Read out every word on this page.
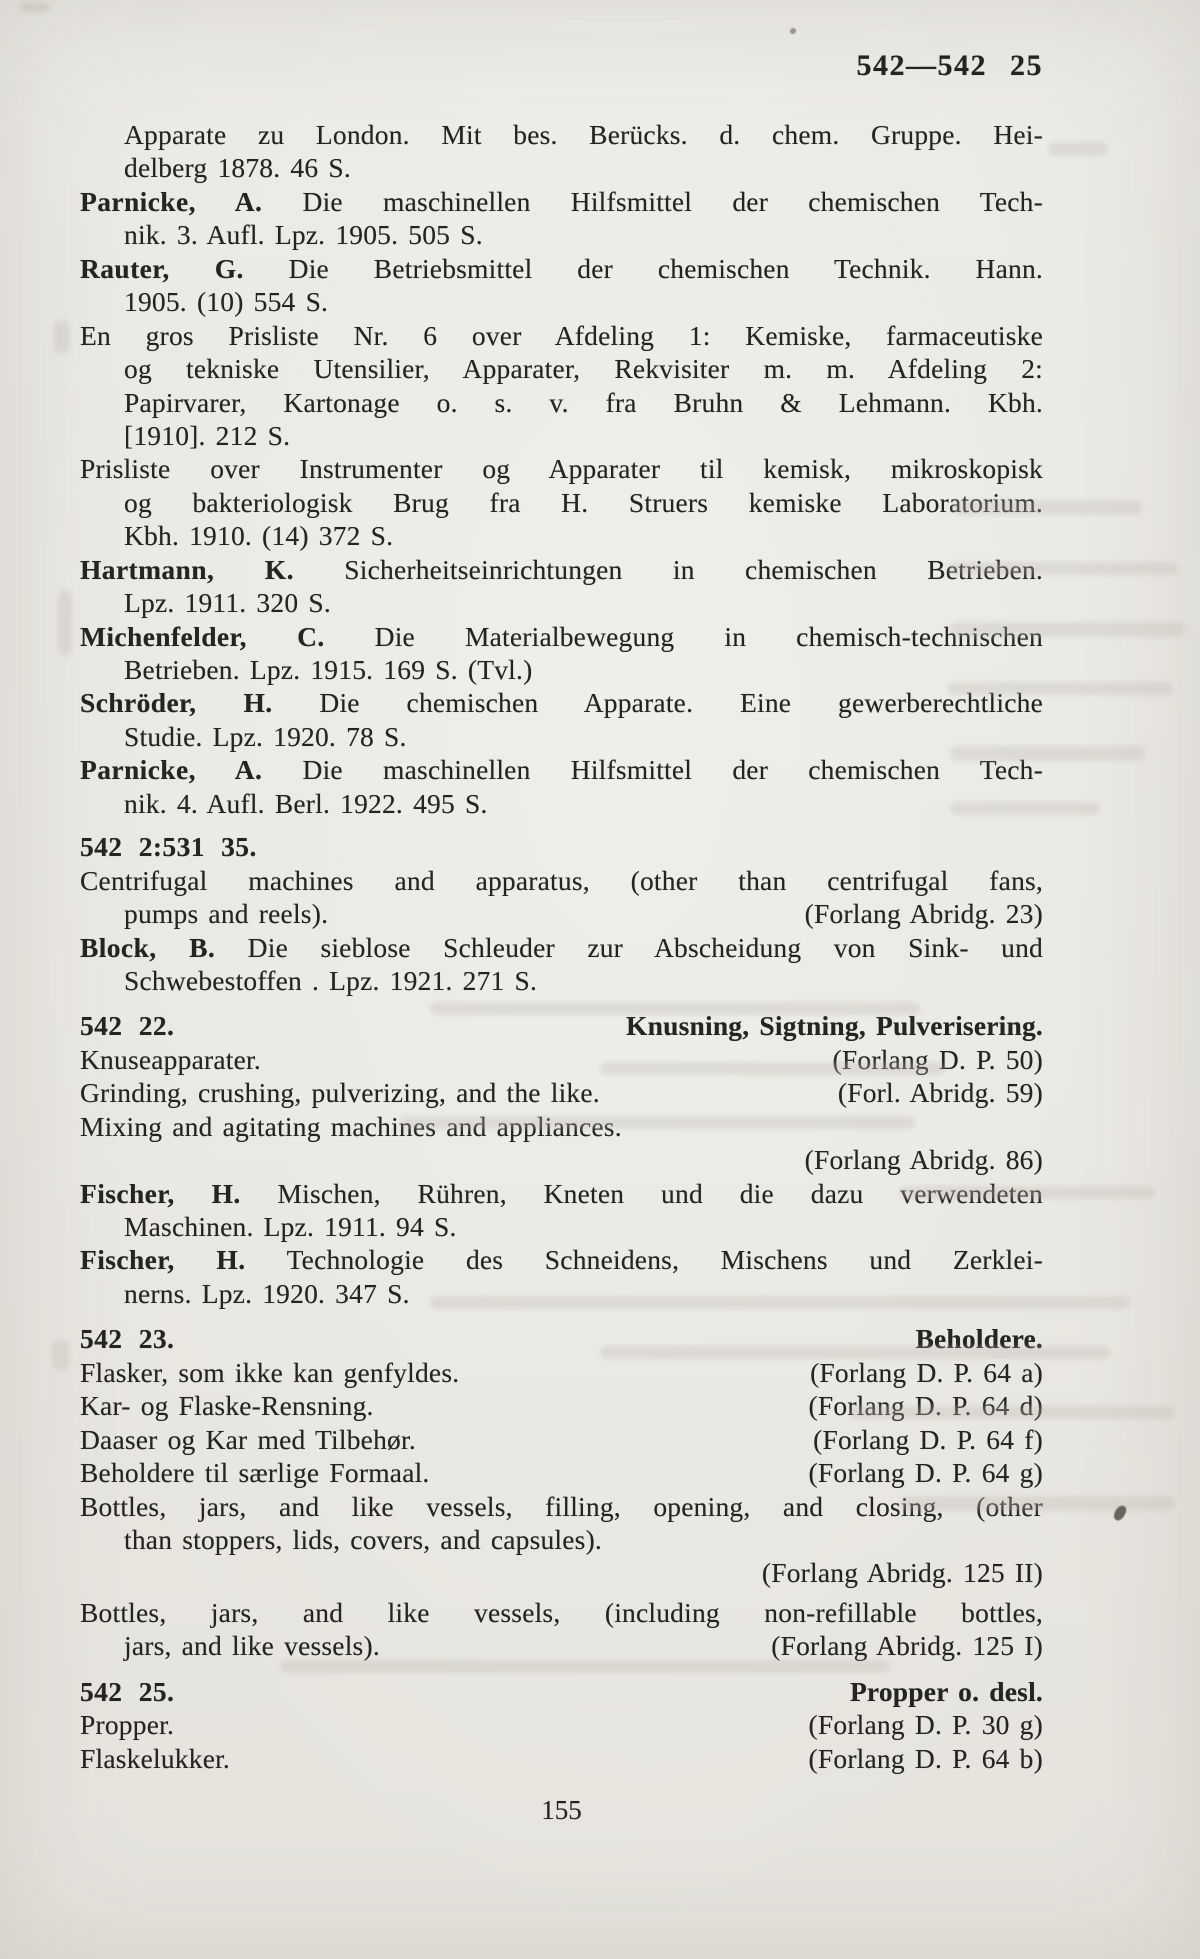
542—542 25
Apparate zu London. Mit bes. Berücks. d. chem. Gruppe. Hei-
delberg 1878. 46 S.
Parnicke, A. Die maschinellen Hilfsmittel der chemischen Tech-
nik. 3. Aufl. Lpz. 1905. 505 S.
Rauter, G. Die Betriebsmittel der chemischen Technik. Hann.
1905. (10) 554 S.
En gros Prisliste Nr. 6 over Afdeling 1: Kemiske, farmaceutiske
og tekniske Utensilier, Apparater, Rekvisiter m. m. Afdeling 2:
Papirvarer, Kartonage o. s. v. fra Bruhn & Lehmann. Kbh.
[1910]. 212 S.
Prisliste over Instrumenter og Apparater til kemisk, mikroskopisk
og bakteriologisk Brug fra H. Struers kemiske Laboratorium.
Kbh. 1910. (14) 372 S.
Hartmann, K. Sicherheitseinrichtungen in chemischen Betrieben.
Lpz. 1911. 320 S.
Michenfelder, C. Die Materialbewegung in chemisch-technischen
Betrieben. Lpz. 1915. 169 S. (Tvl.)
Schröder, H. Die chemischen Apparate. Eine gewerberechtliche
Studie. Lpz. 1920. 78 S.
Parnicke, A. Die maschinellen Hilfsmittel der chemischen Tech-
nik. 4. Aufl. Berl. 1922. 495 S.
542 2:531 35.
Centrifugal machines and apparatus, (other than centrifugal fans,
pumps and reels).	(Forlang Abridg. 23)
Block, B. Die sieblose Schleuder zur Abscheidung von Sink- und
Schwebestoffen . Lpz. 1921. 271 S.
542 22.	Knusning, Sigtning, Pulverisering.
Knuseapparater.	(Forlang D. P. 50)
Grinding, crushing, pulverizing, and the like.	(Forl. Abridg. 59)
Mixing and agitating machines and appliances.
(Forlang Abridg. 86)
Fischer, H. Mischen, Rühren, Kneten und die dazu verwendeten
Maschinen. Lpz. 1911. 94 S.
Fischer, H. Technologie des Schneidens, Mischens und Zerklei-
nerns. Lpz. 1920. 347 S.
542 23.	Beholdere.
Flasker, som ikke kan genfyldes.	(Forlang D. P. 64 a)
Kar- og Flaske-Rensning.	(Forlang D. P. 64 d)
Daaser og Kar med Tilbehør.	(Forlang D. P. 64 f)
Beholdere til særlige Formaal.	(Forlang D. P. 64 g)
Bottles, jars, and like vessels, filling, opening, and closing, (other
than stoppers, lids, covers, and capsules).
(Forlang Abridg. 125 II)
Bottles, jars, and like vessels, (including non-refillable bottles,
jars, and like vessels).	(Forlang Abridg. 125 I)
542 25.	Propper o. desl.
Propper.	(Forlang D. P. 30 g)
Flaskelukker.	(Forlang D. P. 64 b)
155
